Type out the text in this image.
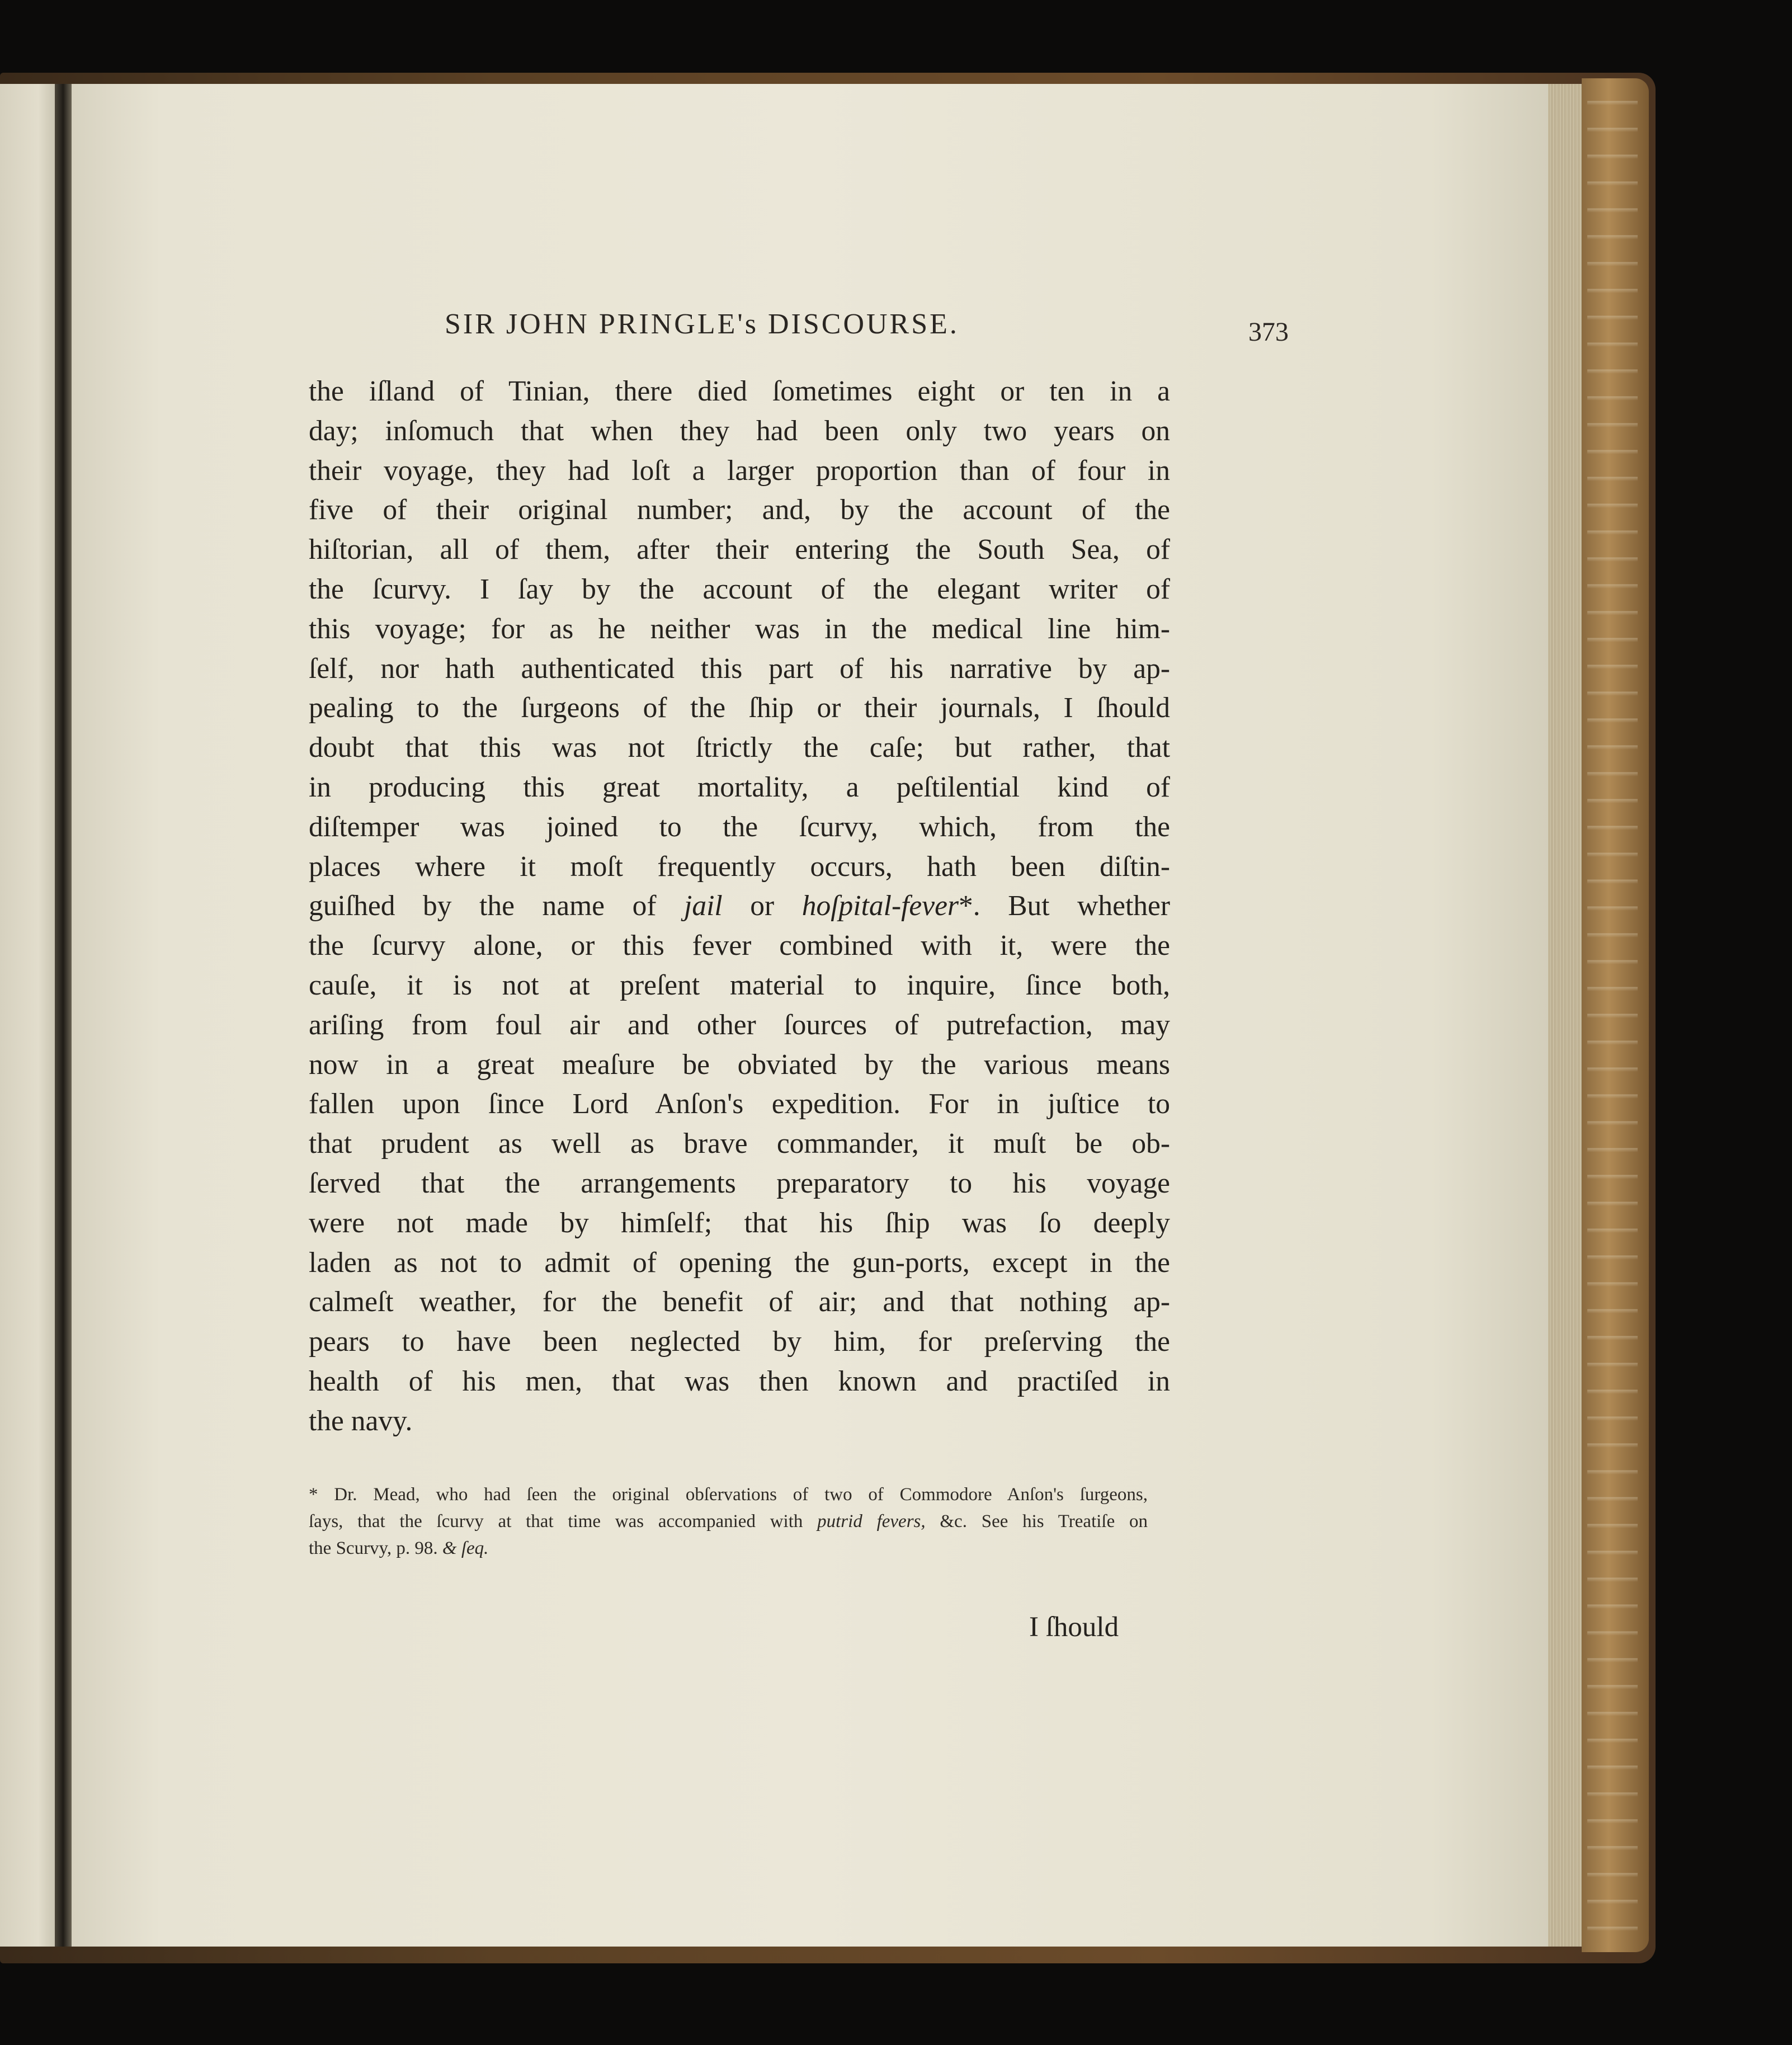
SIR JOHN PRINGLE's DISCOURSE.	373
the iſland of Tinian, there died ſometimes eight or ten in a
day; inſomuch that when they had been only two years on
their voyage, they had loſt a larger proportion than of four in
five of their original number; and, by the account of the
hiſtorian, all of them, after their entering the South Sea, of
the ſcurvy. I ſay by the account of the elegant writer of
this voyage; for as he neither was in the medical line him-
ſelf, nor hath authenticated this part of his narrative by ap-
pealing to the ſurgeons of the ſhip or their journals, I ſhould
doubt that this was not ſtrictly the caſe; but rather, that
in producing this great mortality, a peſtilential kind of
diſtemper was joined to the ſcurvy, which, from the
places where it moſt frequently occurs, hath been diſtin-
guiſhed by the name of jail or hoſpital-fever*. But whether
the ſcurvy alone, or this fever combined with it, were the
cauſe, it is not at preſent material to inquire, ſince both,
ariſing from foul air and other ſources of putrefaction, may
now in a great meaſure be obviated by the various means
fallen upon ſince Lord Anſon's expedition. For in juſtice to
that prudent as well as brave commander, it muſt be ob-
ſerved that the arrangements preparatory to his voyage
were not made by himſelf; that his ſhip was ſo deeply
laden as not to admit of opening the gun-ports, except in the
calmeſt weather, for the benefit of air; and that nothing ap-
pears to have been neglected by him, for preſerving the
health of his men, that was then known and practiſed in
the navy.
* Dr. Mead, who had ſeen the original obſervations of two of Commodore Anſon's ſurgeons,
ſays, that the ſcurvy at that time was accompanied with putrid fevers, &c. See his Treatiſe on
the Scurvy, p. 98. & ſeq.
I ſhould
